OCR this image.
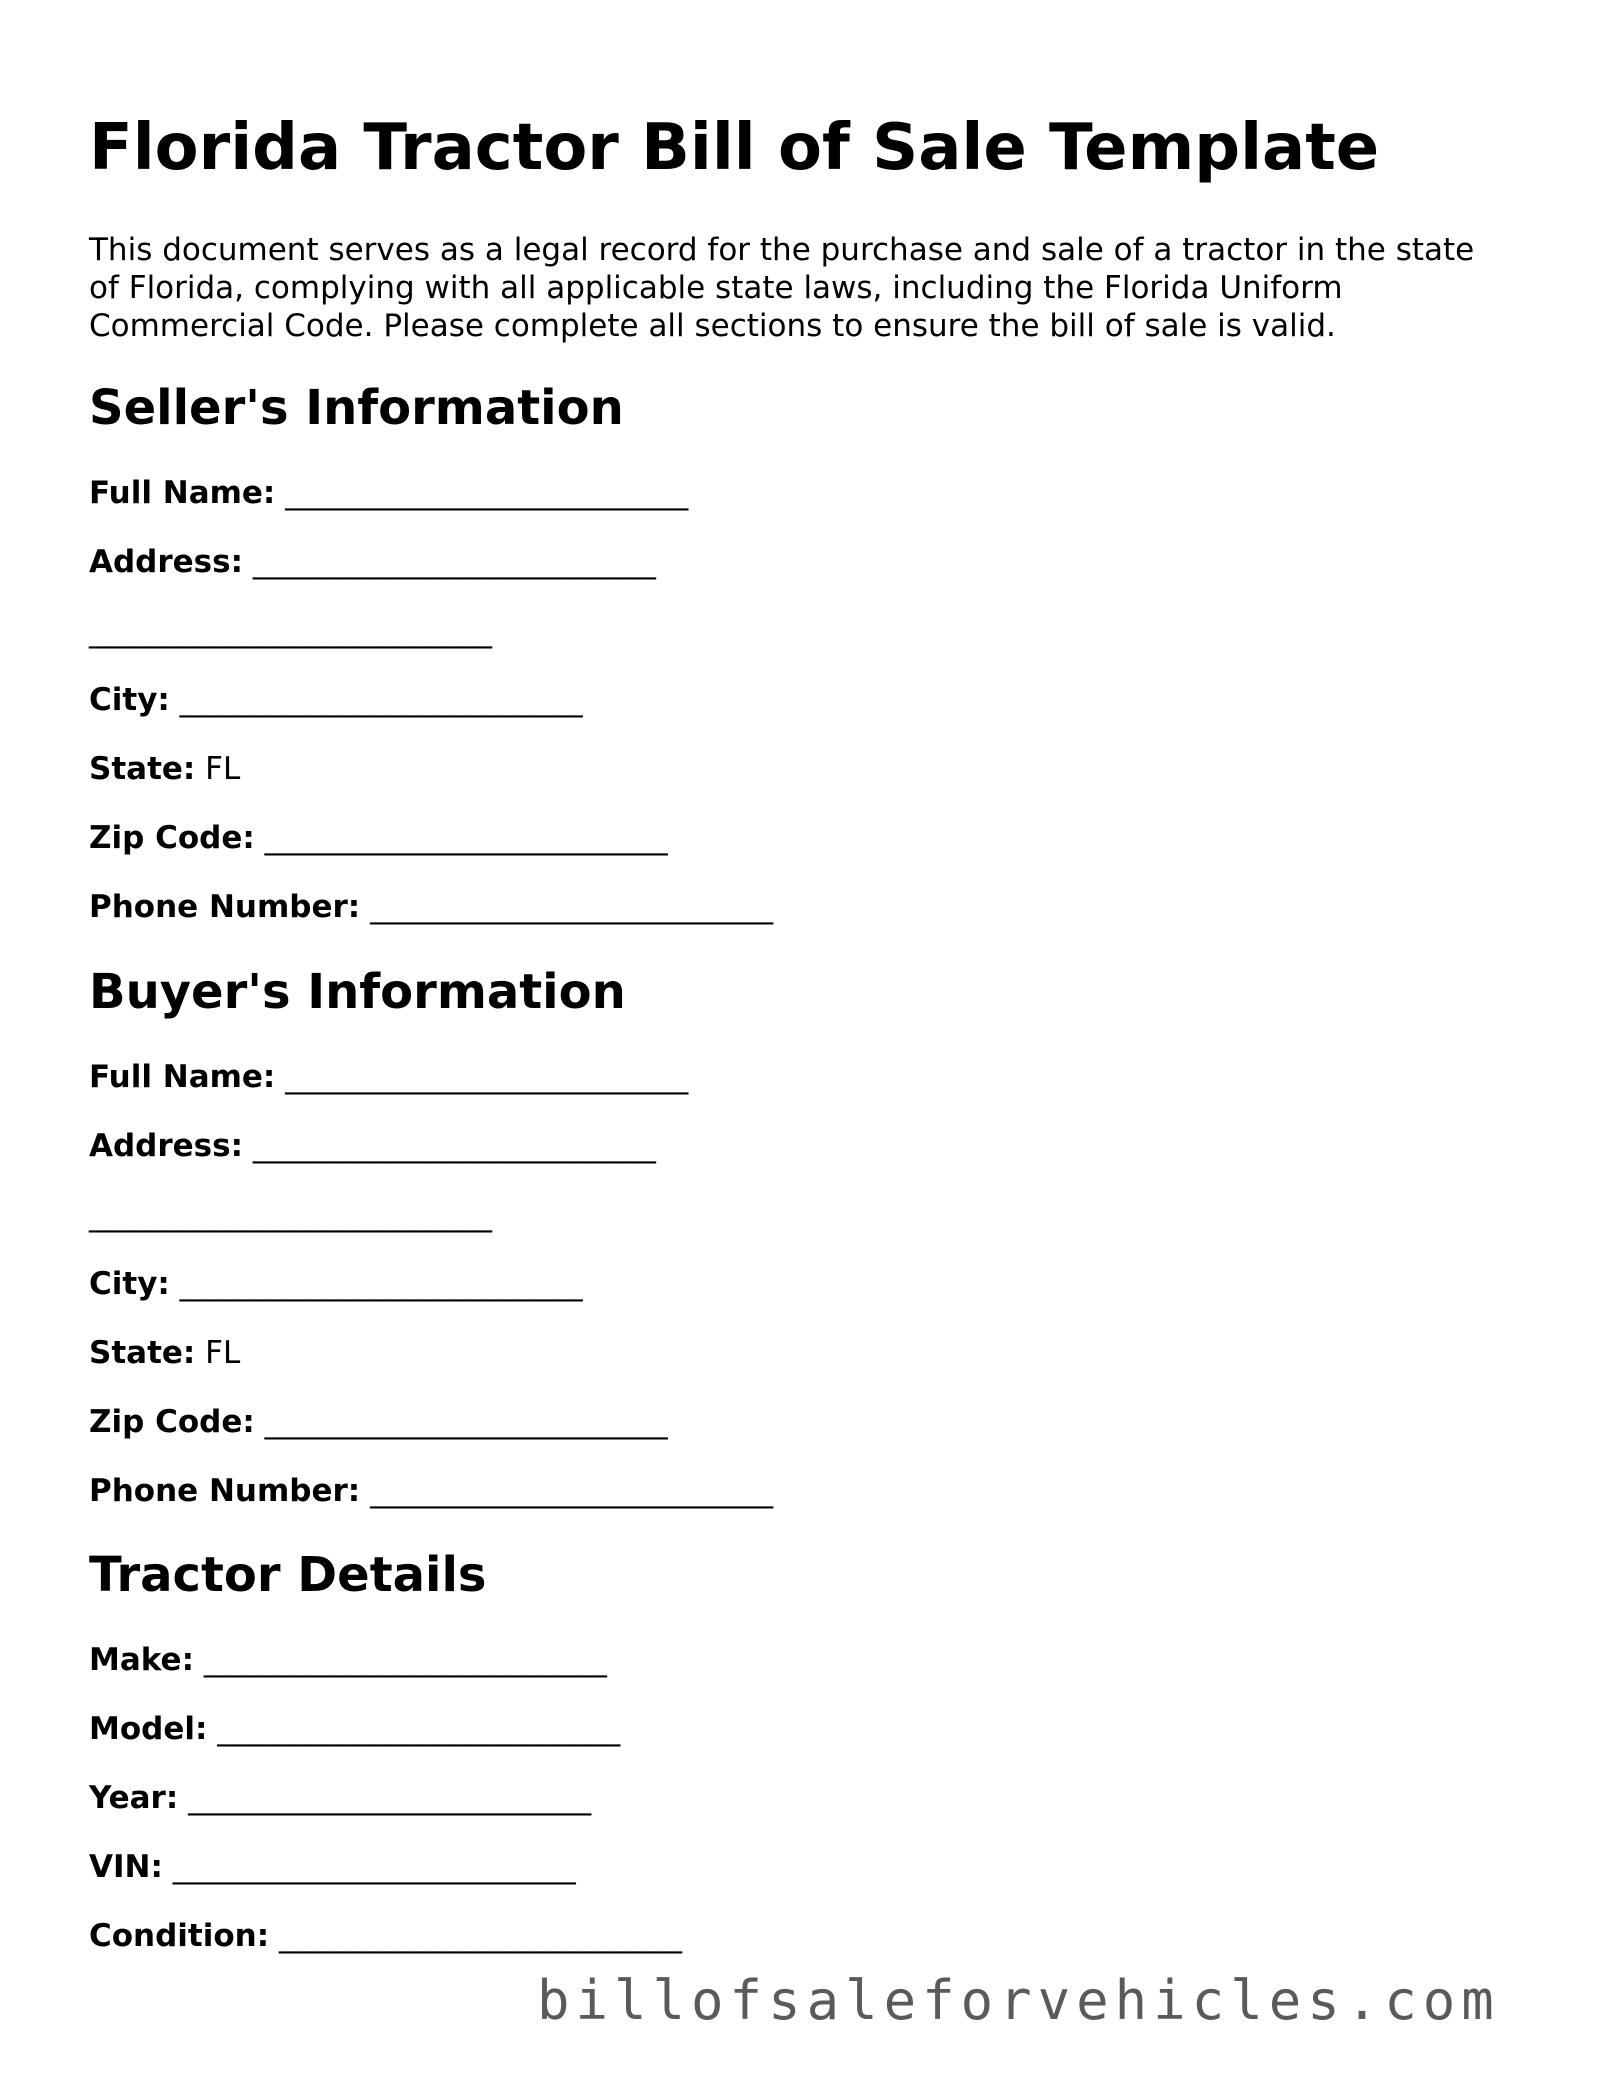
Florida Tractor Bill of Sale Template

This document serves as a legal record for the purchase and sale of a tractor in the state of Florida, complying with all applicable state laws, including the Florida Uniform Commercial Code. Please complete all sections to ensure the bill of sale is valid.

Seller's Information
Full Name: __________________________
Address: __________________________
__________________________
City: __________________________
State: FL
Zip Code: __________________________
Phone Number: __________________________
Buyer's Information
Full Name: __________________________
Address: __________________________
__________________________
City: __________________________
State: FL
Zip Code: __________________________
Phone Number: __________________________
Tractor Details
Make: __________________________
Model: __________________________
Year: __________________________
VIN: __________________________
Condition: __________________________
billofsaleforvehicles.com
